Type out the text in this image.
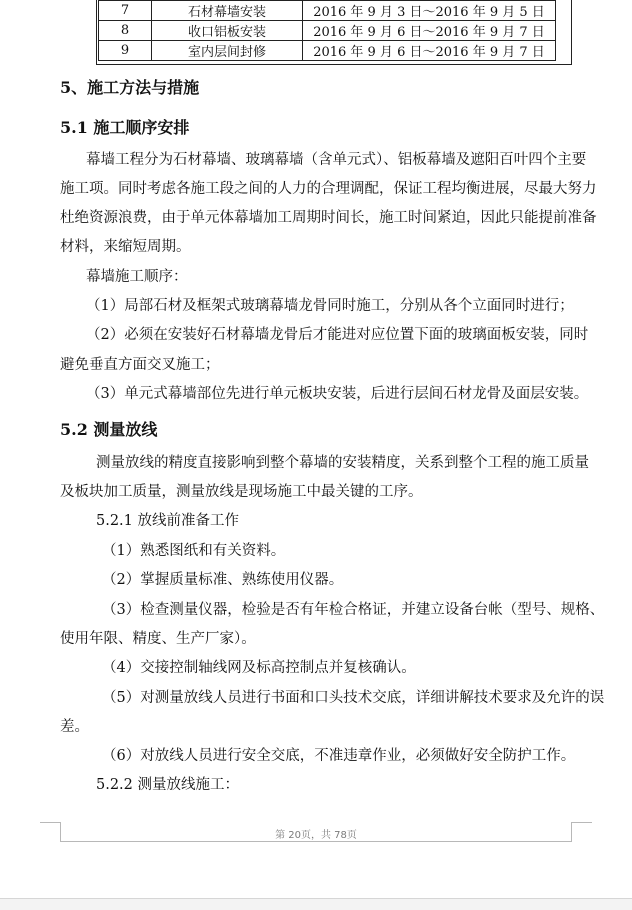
7	石材幕墙安装	2016 年 9 月 3 日～2016 年 9 月 5 日
8	收口铝板安装	2016 年 9 月 6 日～2016 年 9 月 7 日
9	室内层间封修	2016 年 9 月 6 日～2016 年 9 月 7 日
5、施工方法与措施
5.1 施工顺序安排
幕墙工程分为石材幕墙、玻璃幕墙（含单元式）、铝板幕墙及遮阳百叶四个主要
施工项。同时考虑各施工段之间的人力的合理调配，保证工程均衡进展，尽最大努力
杜绝资源浪费，由于单元体幕墙加工周期时间长，施工时间紧迫，因此只能提前准备
材料，来缩短周期。
幕墙施工顺序：
（1）局部石材及框架式玻璃幕墙龙骨同时施工，分别从各个立面同时进行；
（2）必须在安装好石材幕墙龙骨后才能进对应位置下面的玻璃面板安装，同时
避免垂直方面交叉施工；
（3）单元式幕墙部位先进行单元板块安装，后进行层间石材龙骨及面层安装。
5.2 测量放线
测量放线的精度直接影响到整个幕墙的安装精度，关系到整个工程的施工质量
及板块加工质量，测量放线是现场施工中最关键的工序。
5.2.1 放线前准备工作
（1）熟悉图纸和有关资料。
（2）掌握质量标准、熟练使用仪器。
（3）检查测量仪器，检验是否有年检合格证，并建立设备台帐（型号、规格、
使用年限、精度、生产厂家）。
（4）交接控制轴线网及标高控制点并复核确认。
（5）对测量放线人员进行书面和口头技术交底，详细讲解技术要求及允许的误
差。
（6）对放线人员进行安全交底，不准违章作业，必须做好安全防护工作。
5.2.2 测量放线施工：
第 20页，共 78页
